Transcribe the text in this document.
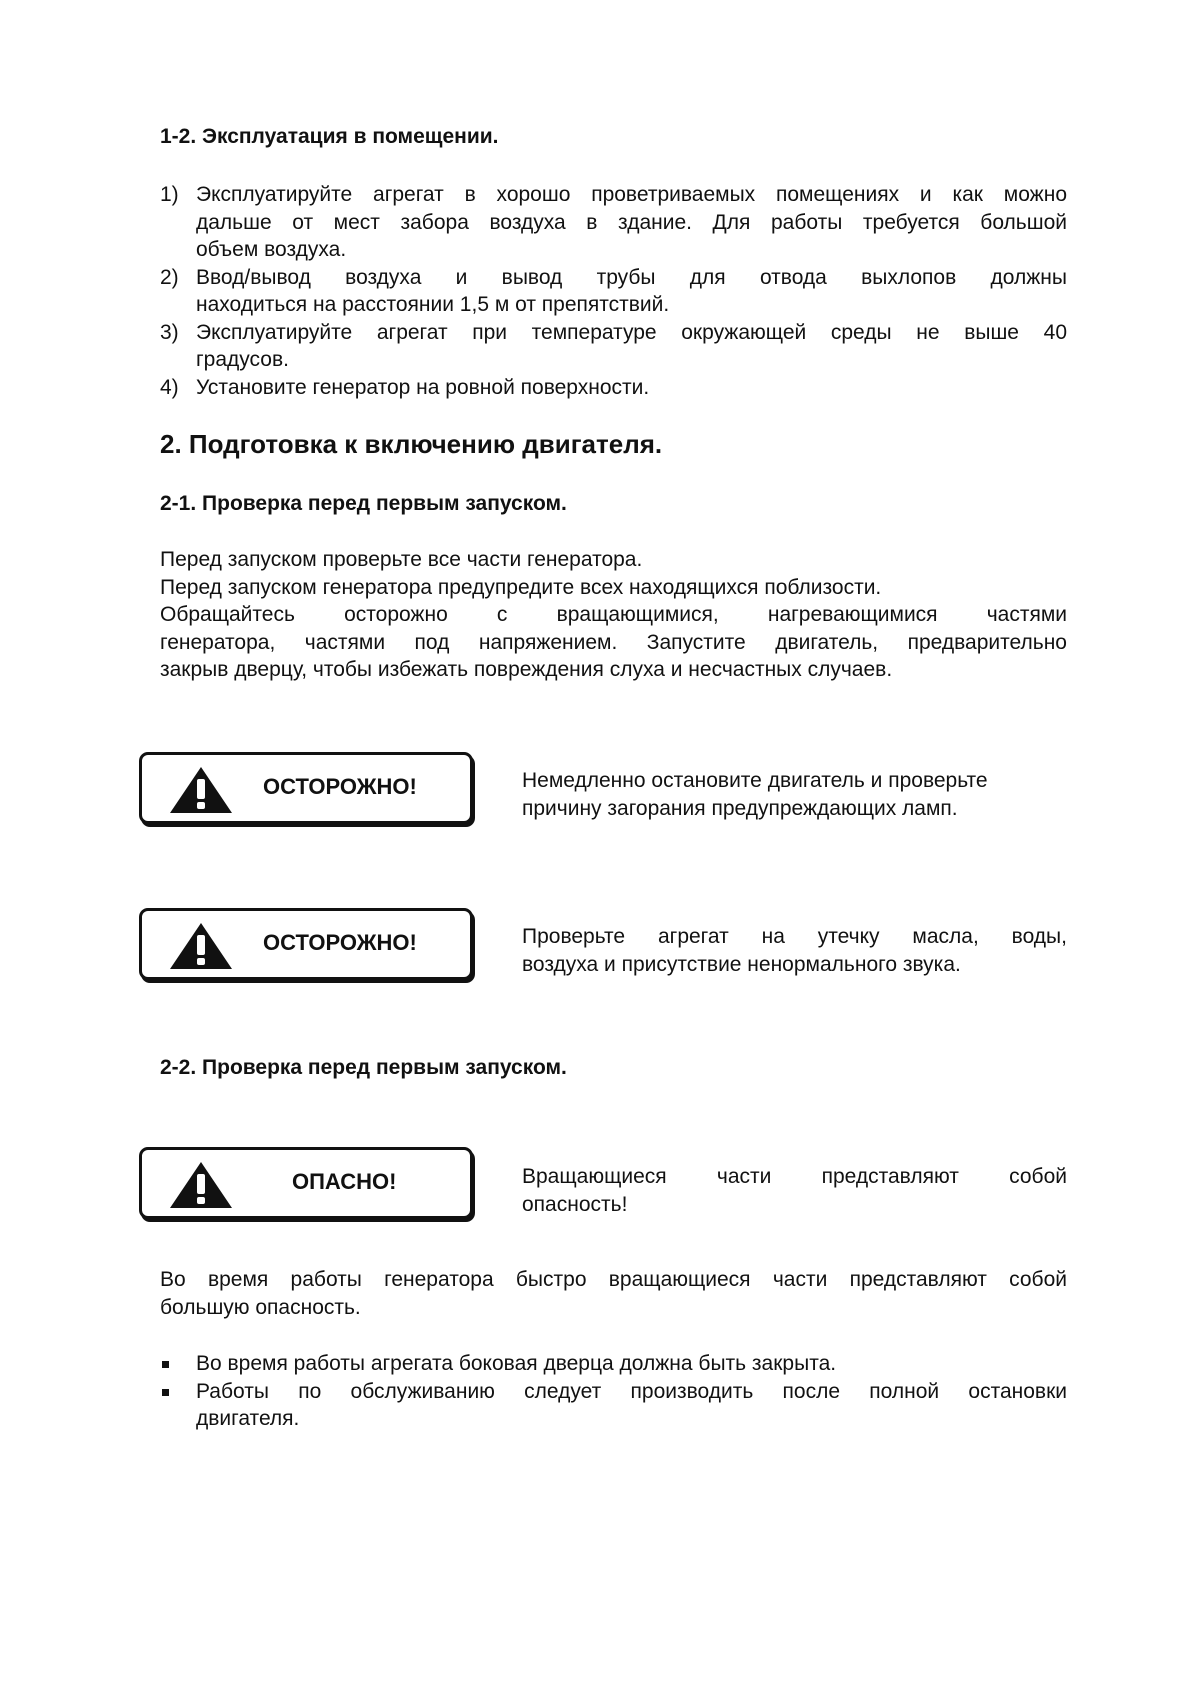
1-2. Эксплуатация в помещении.
1) Эксплуатируйте агрегат в хорошо проветриваемых помещениях и как можно
дальше от мест забора воздуха в здание. Для работы требуется большой
объем воздуха.
2) Ввод/вывод воздуха и вывод трубы для отвода выхлопов должны
находиться на расстоянии 1,5 м от препятствий.
3) Эксплуатируйте агрегат при температуре окружающей среды не выше 40
градусов.
4) Установите генератор на ровной поверхности.
2. Подготовка к включению двигателя.
2-1. Проверка перед первым запуском.
Перед запуском проверьте все части генератора.
Перед запуском генератора предупредите всех находящихся поблизости.
Обращайтесь осторожно с вращающимися, нагревающимися частями
генератора, частями под напряжением. Запустите двигатель, предварительно
закрыв дверцу, чтобы избежать повреждения слуха и несчастных случаев.
ОСТОРОЖНО!	Немедленно остановите двигатель и проверьте
причину загорания предупреждающих ламп.
ОСТОРОЖНО!	Проверьте агрегат на утечку масла, воды,
воздуха и присутствие ненормального звука.
2-2. Проверка перед первым запуском.
ОПАСНО!	Вращающиеся части представляют собой
опасность!
Во время работы генератора быстро вращающиеся части представляют собой
большую опасность.
Во время работы агрегата боковая дверца должна быть закрыта.
Работы по обслуживанию следует производить после полной остановки
двигателя.
